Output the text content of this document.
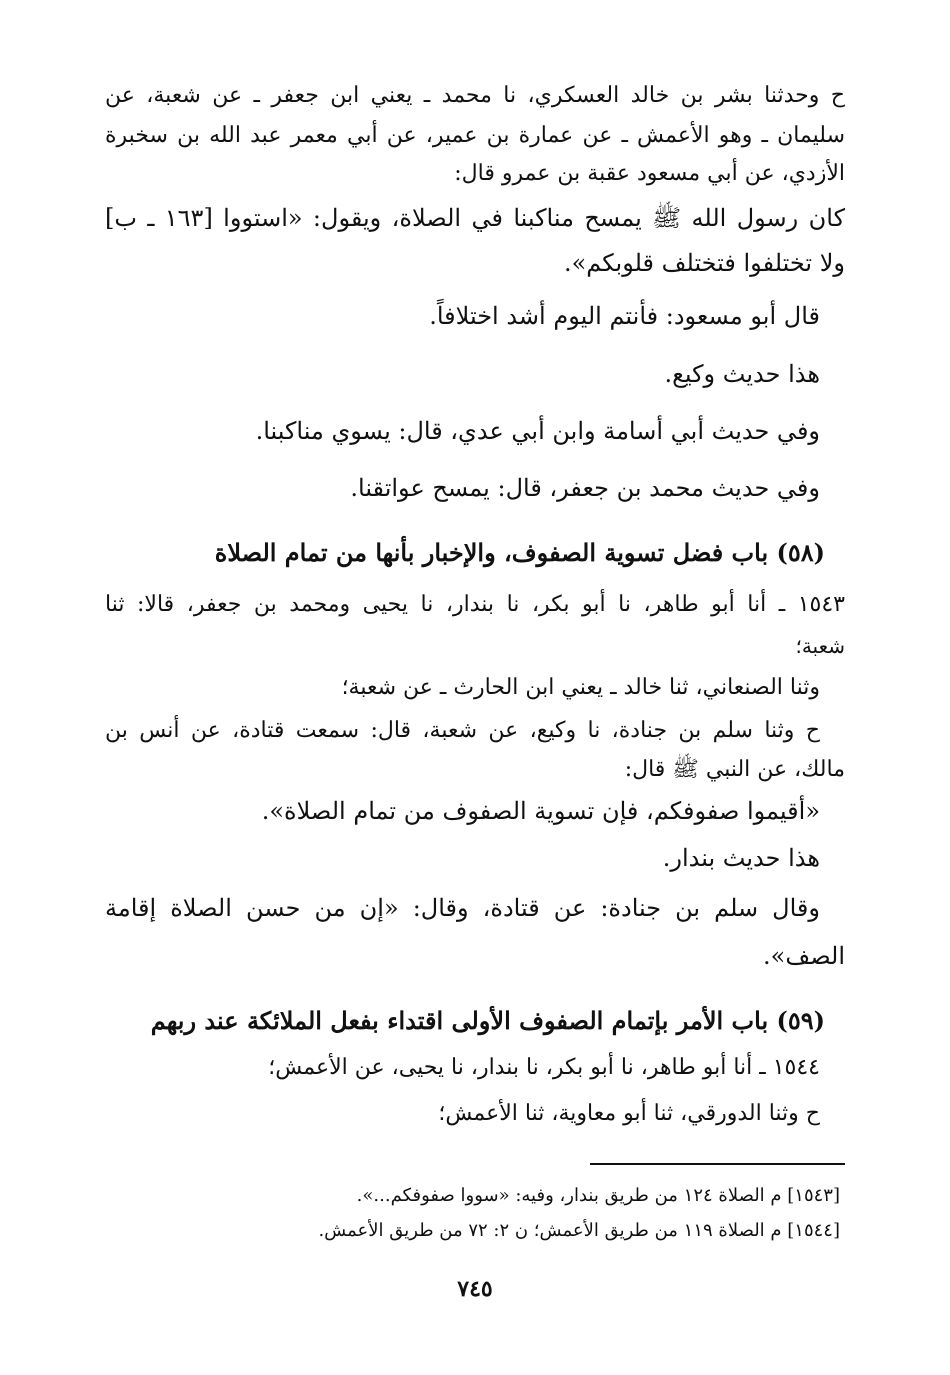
ح وحدثنا بشر بن خالد العسكري، نا محمد ـ يعني ابن جعفر ـ عن شعبة، عن
سليمان ـ وهو الأعمش ـ عن عمارة بن عمير، عن أبي معمر عبد الله بن سخبرة
الأزدي، عن أبي مسعود عقبة بن عمرو قال:
كان رسول الله ﷺ يمسح مناكبنا في الصلاة، ويقول: «استووا [١٦٣ ـ ب]
ولا تختلفوا فتختلف قلوبكم».
قال أبو مسعود: فأنتم اليوم أشد اختلافاً.
هذا حديث وكيع.
وفي حديث أبي أسامة وابن أبي عدي، قال: يسوي مناكبنا.
وفي حديث محمد بن جعفر، قال: يمسح عواتقنا.
(٥٨) باب فضل تسوية الصفوف، والإخبار بأنها من تمام الصلاة
١٥٤٣ ـ أنا أبو طاهر، نا أبو بكر، نا بندار، نا يحيى ومحمد بن جعفر، قالا: ثنا
شعبة؛
وثنا الصنعاني، ثنا خالد ـ يعني ابن الحارث ـ عن شعبة؛
ح وثنا سلم بن جنادة، نا وكيع، عن شعبة، قال: سمعت قتادة، عن أنس بن
مالك، عن النبي ﷺ قال:
«أقيموا صفوفكم، فإن تسوية الصفوف من تمام الصلاة».
هذا حديث بندار.
وقال سلم بن جنادة: عن قتادة، وقال: «إن من حسن الصلاة إقامة
الصف».
(٥٩) باب الأمر بإتمام الصفوف الأولى اقتداء بفعل الملائكة عند ربهم
١٥٤٤ ـ أنا أبو طاهر، نا أبو بكر، نا بندار، نا يحيى، عن الأعمش؛
ح وثنا الدورقي، ثنا أبو معاوية، ثنا الأعمش؛
[١٥٤٣] م الصلاة ١٢٤ من طريق بندار، وفيه: «سووا صفوفكم...».
[١٥٤٤] م الصلاة ١١٩ من طريق الأعمش؛ ن ٢: ٧٢ من طريق الأعمش.
٧٤٥
